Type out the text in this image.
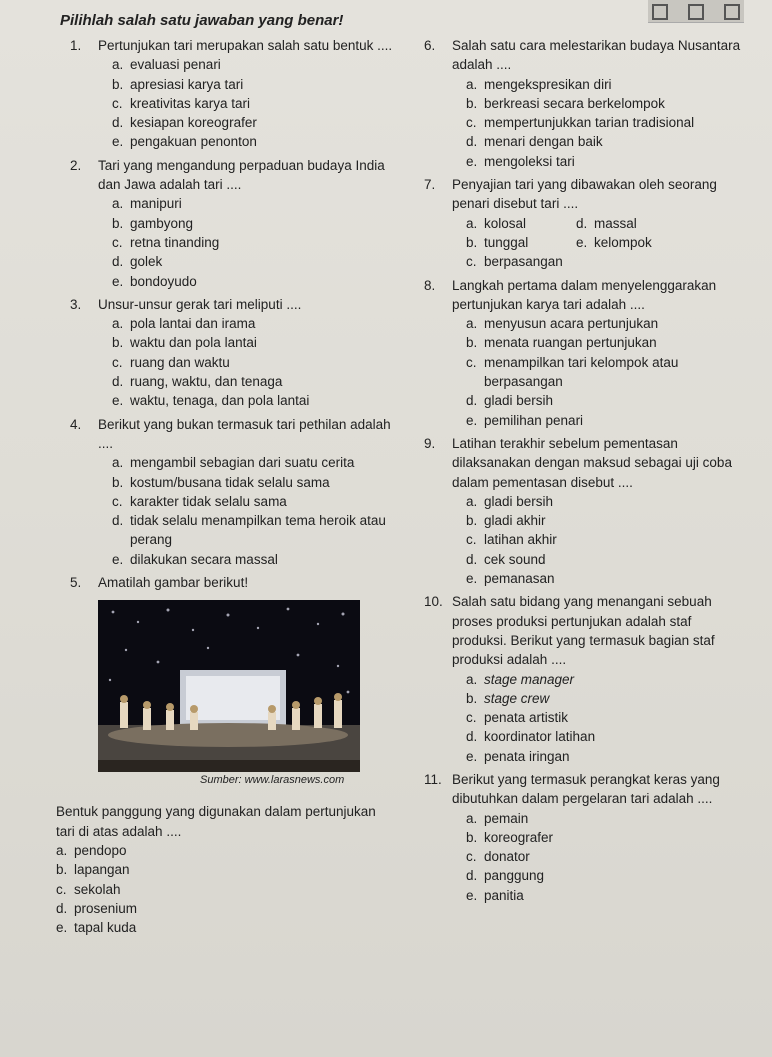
Pilihlah salah satu jawaban yang benar!
1. Pertunjukan tari merupakan salah satu bentuk ....
a. evaluasi penari
b. apresiasi karya tari
c. kreativitas karya tari
d. kesiapan koreografer
e. pengakuan penonton
2. Tari yang mengandung perpaduan budaya India dan Jawa adalah tari ....
a. manipuri
b. gambyong
c. retna tinanding
d. golek
e. bondoyudo
3. Unsur-unsur gerak tari meliputi ....
a. pola lantai dan irama
b. waktu dan pola lantai
c. ruang dan waktu
d. ruang, waktu, dan tenaga
e. waktu, tenaga, dan pola lantai
4. Berikut yang bukan termasuk tari pethilan adalah ....
a. mengambil sebagian dari suatu cerita
b. kostum/busana tidak selalu sama
c. karakter tidak selalu sama
d. tidak selalu menampilkan tema heroik atau perang
e. dilakukan secara massal
5. Amatilah gambar berikut!
Sumber: www.larasnews.com
Bentuk panggung yang digunakan dalam pertunjukan tari di atas adalah ....
a. pendopo
b. lapangan
c. sekolah
d. prosenium
e. tapal kuda
6. Salah satu cara melestarikan budaya Nusantara adalah ....
a. mengekspresikan diri
b. berkreasi secara berkelompok
c. mempertunjukkan tarian tradisional
d. menari dengan baik
e. mengoleksi tari
7. Penyajian tari yang dibawakan oleh seorang penari disebut tari ....
a. kolosal	d. massal
b. tunggal	e. kelompok
c. berpasangan
8. Langkah pertama dalam menyelenggarakan pertunjukan karya tari adalah ....
a. menyusun acara pertunjukan
b. menata ruangan pertunjukan
c. menampilkan tari kelompok atau berpasangan
d. gladi bersih
e. pemilihan penari
9. Latihan terakhir sebelum pementasan dilaksanakan dengan maksud sebagai uji coba dalam pementasan disebut ....
a. gladi bersih
b. gladi akhir
c. latihan akhir
d. cek sound
e. pemanasan
10. Salah satu bidang yang menangani sebuah proses produksi pertunjukan adalah staf produksi. Berikut yang termasuk bagian staf produksi adalah ....
a. stage manager
b. stage crew
c. penata artistik
d. koordinator latihan
e. penata iringan
11. Berikut yang termasuk perangkat keras yang dibutuhkan dalam pergelaran tari adalah ....
a. pemain
b. koreografer
c. donator
d. panggung
e. panitia
